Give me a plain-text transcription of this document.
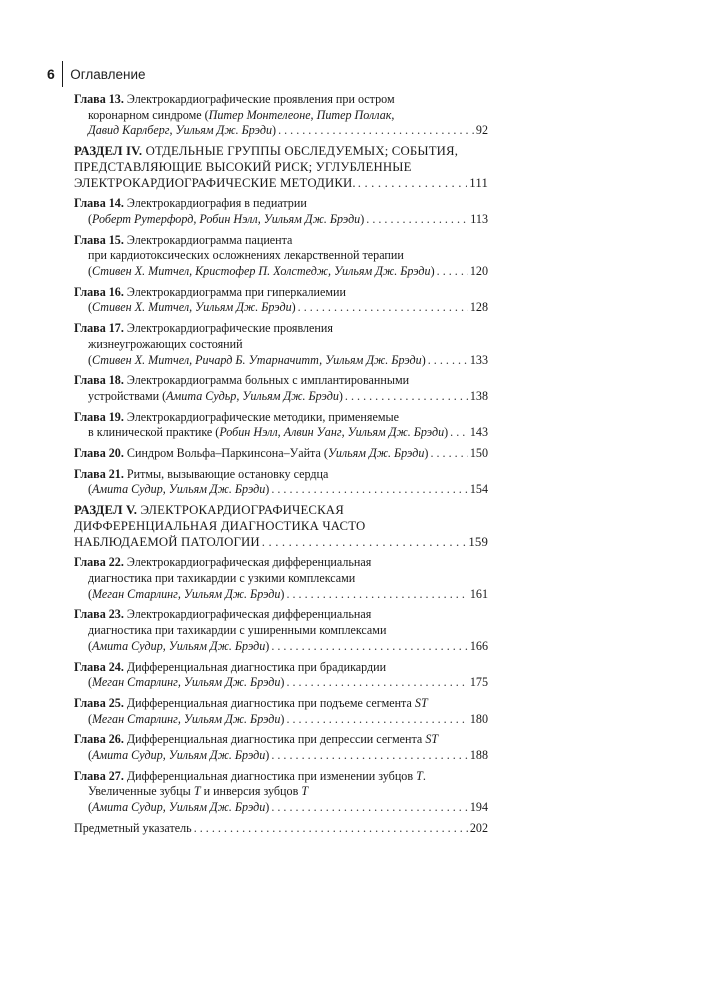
6	Оглавление
Глава 13. Электрокардиографические проявления при остром
коронарном синдроме (Питер Монтелеоне, Питер Поллак,
Давид Карлберг, Уильям Дж. Брэди) . . .	92
РАЗДЕЛ IV. ОТДЕЛЬНЫЕ ГРУППЫ ОБСЛЕДУЕМЫХ; СОБЫТИЯ,
ПРЕДСТАВЛЯЮЩИЕ ВЫСОКИЙ РИСК; УГЛУБЛЕННЫЕ
ЭЛЕКТРОКАРДИОГРАФИЧЕСКИЕ МЕТОДИКИ. . . .	111
Глава 14. Электрокардиография в педиатрии
(Роберт Рутерфорд, Робин Нэлл, Уильям Дж. Брэди) . . .	113
Глава 15. Электрокардиограмма пациента
при кардиотоксических осложнениях лекарственной терапии
(Стивен Х. Митчел, Кристофер П. Холстедж, Уильям Дж. Брэди) . . .	120
Глава 16. Электрокардиограмма при гиперкалиемии
(Стивен Х. Митчел, Уильям Дж. Брэди) . . .	128
Глава 17. Электрокардиографические проявления
жизнеугрожающих состояний
(Стивен Х. Митчел, Ричард Б. Утарначитт, Уильям Дж. Брэди) . . .	133
Глава 18. Электрокардиограмма больных с имплантированными
устройствами (Амита Судьр, Уильям Дж. Брэди) . . .	138
Глава 19. Электрокардиографические методики, применяемые
в клинической практике (Робин Нэлл, Алвин Уанг, Уильям Дж. Брэди) . . . 143
Глава 20. Синдром Вольфа–Паркинсона–Уайта (Уильям Дж. Брэди) . . .	150
Глава 21. Ритмы, вызывающие остановку сердца
(Амита Судир, Уильям Дж. Брэди) . . .	154
РАЗДЕЛ V. ЭЛЕКТРОКАРДИОГРАФИЧЕСКАЯ
ДИФФЕРЕНЦИАЛЬНАЯ ДИАГНОСТИКА ЧАСТО
НАБЛЮДАЕМОЙ ПАТОЛОГИИ . . .	159
Глава 22. Электрокардиографическая дифференциальная
диагностика при тахикардии с узкими комплексами
(Меган Старлинг, Уильям Дж. Брэди) . . .	161
Глава 23. Электрокардиографическая дифференциальная
диагностика при тахикардии с уширенными комплексами
(Амита Судир, Уильям Дж. Брэди) . . .	166
Глава 24. Дифференциальная диагностика при брадикардии
(Меган Старлинг, Уильям Дж. Брэди) . . .	175
Глава 25. Дифференциальная диагностика при подъеме сегмента ST
(Меган Старлинг, Уильям Дж. Брэди) . . .	180
Глава 26. Дифференциальная диагностика при депрессии сегмента ST
(Амита Судир, Уильям Дж. Брэди) . . .	188
Глава 27. Дифференциальная диагностика при изменении зубцов T.
Увеличенные зубцы T и инверсия зубцов T
(Амита Судир, Уильям Дж. Брэди) . . .	194
Предметный указатель . . .	202
